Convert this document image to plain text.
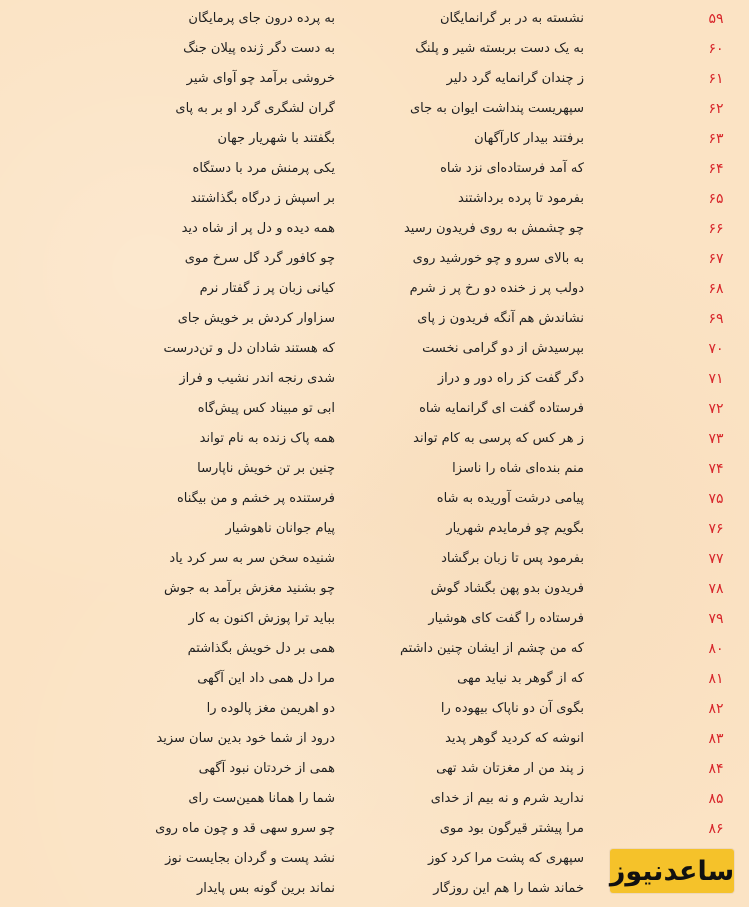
۵۹
نشسته به در بر گرانمایگان
به پرده درون جای پرمایگان
۶۰
به یک دست بربسته شیر و پلنگ
به دست دگر ژنده پیلان جنگ
۶۱
ز چندان گرانمایه گرد دلیر
خروشی برآمد چو آوای شیر
۶۲
سپهریست پنداشت ایوان به جای
گران لشگری گرد او بر به پای
۶۳
برفتند بیدار کارآگهان
بگفتند با شهریار جهان
۶۴
که آمد فرستاده‌ای نزد شاه
یکی پرمنش مرد با دستگاه
۶۵
بفرمود تا پرده برداشتند
بر اسپش ز درگاه بگذاشتند
۶۶
چو چشمش به روی فریدون رسید
همه دیده و دل پر از شاه دید
۶۷
به بالای سرو و چو خورشید روی
چو کافور گرد گل سرخ موی
۶۸
دولب پر ز خنده دو رخ پر ز شرم
کیانی زبان پر ز گفتار نرم
۶۹
نشاندش هم آنگه فریدون ز پای
سزاوار کردش بر خویش جای
۷۰
بپرسیدش از دو گرامی نخست
که هستند شادان دل و تن‌درست
۷۱
دگر گفت کز راه دور و دراز
شدی رنجه اندر نشیب و فراز
۷۲
فرستاده گفت ای گرانمایه شاه
ابی تو مبیناد کس پیش‌گاه
۷۳
ز هر کس که پرسی به کام تواند
همه پاک زنده به نام تواند
۷۴
منم بنده‌ای شاه را ناسزا
چنین بر تن خویش ناپارسا
۷۵
پیامی درشت آوریده به شاه
فرستنده پر خشم و من بیگناه
۷۶
بگویم چو فرمایدم شهریار
پیام جوانان ناهوشیار
۷۷
بفرمود پس تا زبان برگشاد
شنیده سخن سر به سر کرد یاد
۷۸
فریدون بدو پهن بگشاد گوش
چو بشنید مغزش برآمد به جوش
۷۹
فرستاده را گفت کای هوشیار
بباید ترا پوزش اکنون به کار
۸۰
که من چشم از ایشان چنین داشتم
همی بر دل خویش بگذاشتم
۸۱
که از گوهر بد نیاید مهی
مرا دل همی داد این آگهی
۸۲
بگوی آن دو ناپاک بیهوده را
دو اهریمن مغز پالوده را
۸۳
انوشه که کردید گوهر پدید
درود از شما خود بدین سان سزید
۸۴
ز پند من ار مغزتان شد تهی
همی از خردتان نبود آگهی
۸۵
ندارید شرم و نه بیم از خدای
شما را همانا همین‌ست رای
۸۶
مرا پیشتر قیرگون بود موی
چو سرو سهی قد و چون ماه روی
سپهری که پشت مرا کرد کوز
نشد پست و گردان بجایست نوز
خماند شما را هم این روزگار
نماند برین گونه بس پایدار
ساعدنیوز
